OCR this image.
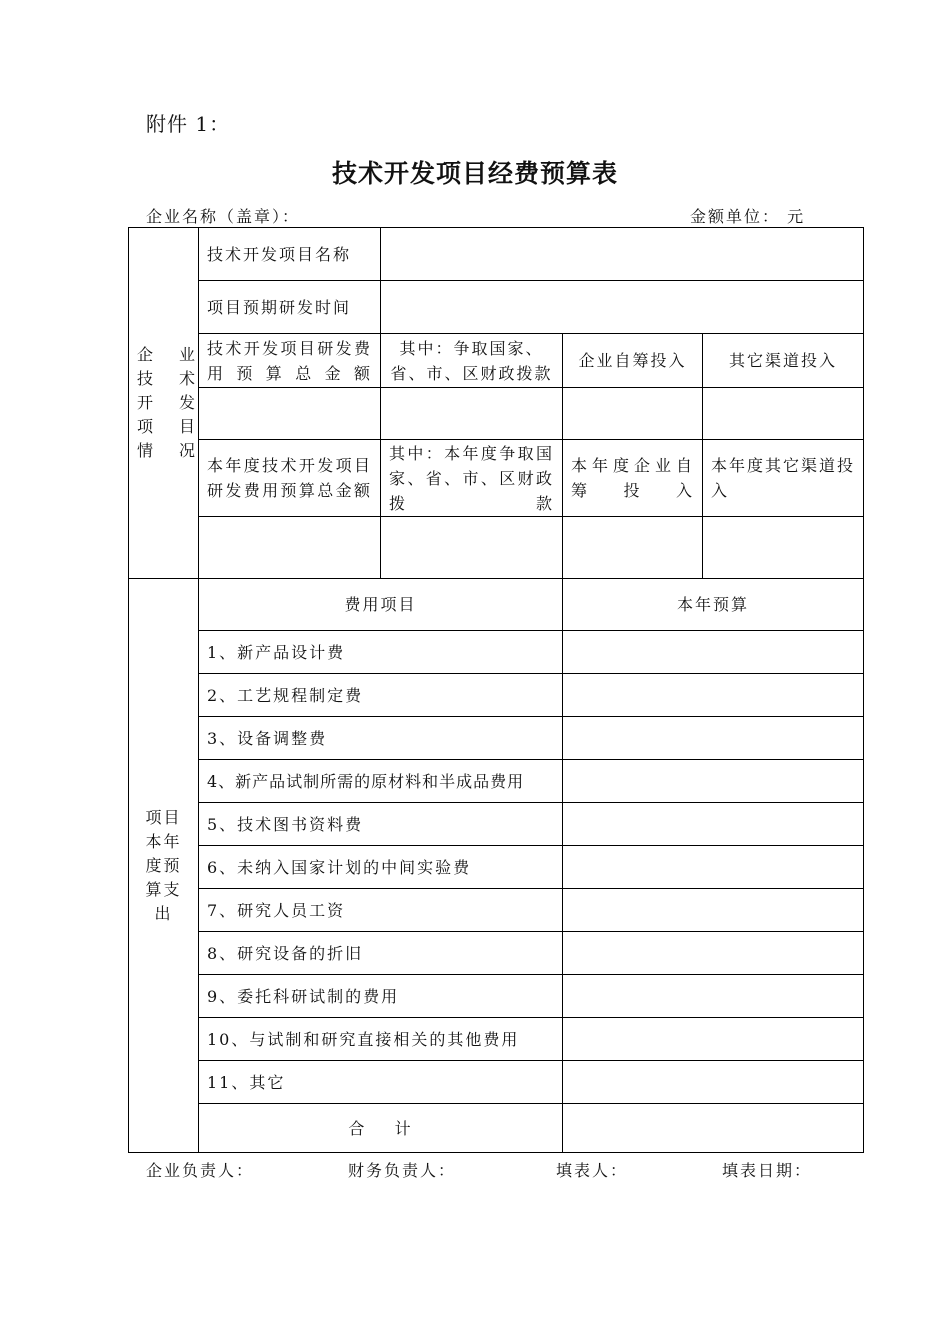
附件 1：
技术开发项目经费预算表
企业名称（盖章）：	金额单位： 元
企 业 技 术 开 发 项 目 情 况	技术开发项目名称			
	项目预期研发时间			
	技术开发项目研发费用预算总金额	其中：争取国家、省、市、区财政拨款	企业自筹投入	其它渠道投入

	本年度技术开发项目研发费用预算总金额	其中：本年度争取国家、省、市、区财政拨款	本年度企业自筹投入	本年度其它渠道投入

项目本年度预算支出	费用项目		本年预算	
	1、新产品设计费			
	2、工艺规程制定费			
	3、设备调整费			
	4、新产品试制所需的原材料和半成品费用			
	5、技术图书资料费			
	6、未纳入国家计划的中间实验费			
	7、研究人员工资			
	8、研究设备的折旧			
	9、委托科研试制的费用			
	10、与试制和研究直接相关的其他费用			
	11、其它			
	合    计			
企业负责人：	财务负责人：	填表人：	填表日期：
